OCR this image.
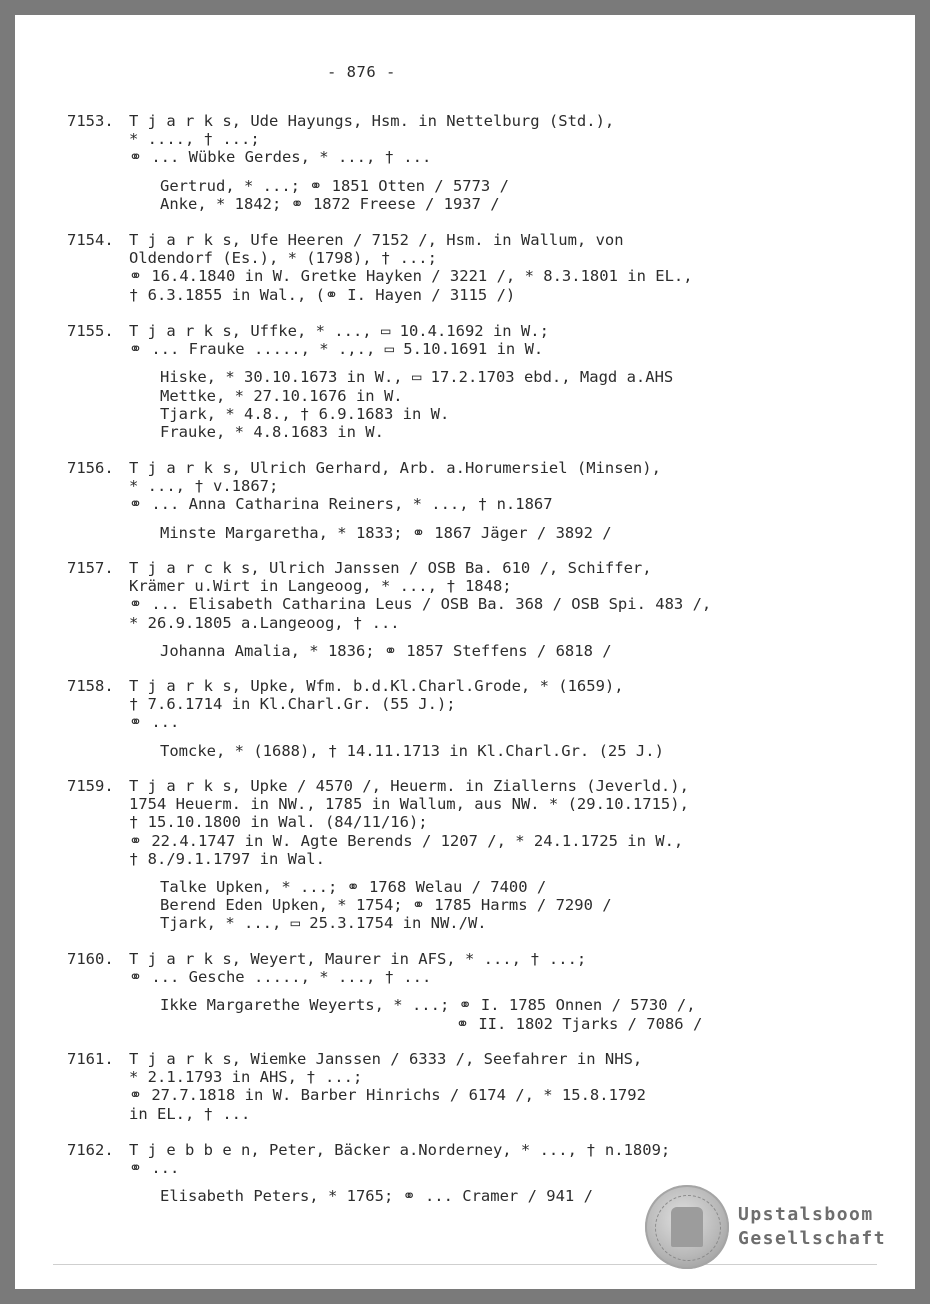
- 876 -
7153. T j a r k s, Ude Hayungs, Hsm. in Nettelburg (Std.),
* ...., † ...;
⚭ ... Wübke Gerdes, * ..., † ...
Gertrud, * ...; ⚭ 1851 Otten / 5773 /
Anke, * 1842; ⚭ 1872 Freese / 1937 /
7154. T j a r k s, Ufe Heeren / 7152 /, Hsm. in Wallum, von
Oldendorf (Es.), * (1798), † ...;
⚭ 16.4.1840 in W. Gretke Hayken / 3221 /, * 8.3.1801 in EL.,
† 6.3.1855 in Wal., (⚭ I. Hayen / 3115 /)
7155. T j a r k s, Uffke, * ..., ▭ 10.4.1692 in W.;
⚭ ... Frauke ....., * .,., ▭ 5.10.1691 in W.
Hiske, * 30.10.1673 in W., ▭ 17.2.1703 ebd., Magd a.AHS
Mettke, * 27.10.1676 in W.
Tjark, * 4.8., † 6.9.1683 in W.
Frauke, * 4.8.1683 in W.
7156. T j a r k s, Ulrich Gerhard, Arb. a.Horumersiel (Minsen),
* ..., † v.1867;
⚭ ... Anna Catharina Reiners, * ..., † n.1867
Minste Margaretha, * 1833; ⚭ 1867 Jäger / 3892 /
7157. T j a r c k s, Ulrich Janssen / OSB Ba. 610 /, Schiffer,
Krämer u.Wirt in Langeoog, * ..., † 1848;
⚭ ... Elisabeth Catharina Leus / OSB Ba. 368 / OSB Spi. 483 /,
* 26.9.1805 a.Langeoog, † ...
Johanna Amalia, * 1836; ⚭ 1857 Steffens / 6818 /
7158. T j a r k s, Upke, Wfm. b.d.Kl.Charl.Grode, * (1659),
† 7.6.1714 in Kl.Charl.Gr. (55 J.);
⚭ ...
Tomcke, * (1688), † 14.11.1713 in Kl.Charl.Gr. (25 J.)
7159. T j a r k s, Upke / 4570 /, Heuerm. in Ziallerns (Jeverld.),
1754 Heuerm. in NW., 1785 in Wallum, aus NW. * (29.10.1715),
† 15.10.1800 in Wal. (84/11/16);
⚭ 22.4.1747 in W. Agte Berends / 1207 /, * 24.1.1725 in W.,
† 8./9.1.1797 in Wal.
Talke Upken, * ...; ⚭ 1768 Welau / 7400 /
Berend Eden Upken, * 1754; ⚭ 1785 Harms / 7290 /
Tjark, * ..., ▭ 25.3.1754 in NW./W.
7160. T j a r k s, Weyert, Maurer in AFS, * ..., † ...;
⚭ ... Gesche ....., * ..., † ...
Ikke Margarethe Weyerts, * ...; ⚭ I. 1785 Onnen / 5730 /,
⚭ II. 1802 Tjarks / 7086 /
7161. T j a r k s, Wiemke Janssen / 6333 /, Seefahrer in NHS,
* 2.1.1793 in AHS, † ...;
⚭ 27.7.1818 in W. Barber Hinrichs / 6174 /, * 15.8.1792
in EL., † ...
7162. T j e b b e n, Peter, Bäcker a.Norderney, * ..., † n.1809;
⚭ ...
Elisabeth Peters, * 1765; ⚭ ... Cramer / 941 /
Upstalsboom
Gesellschaft
